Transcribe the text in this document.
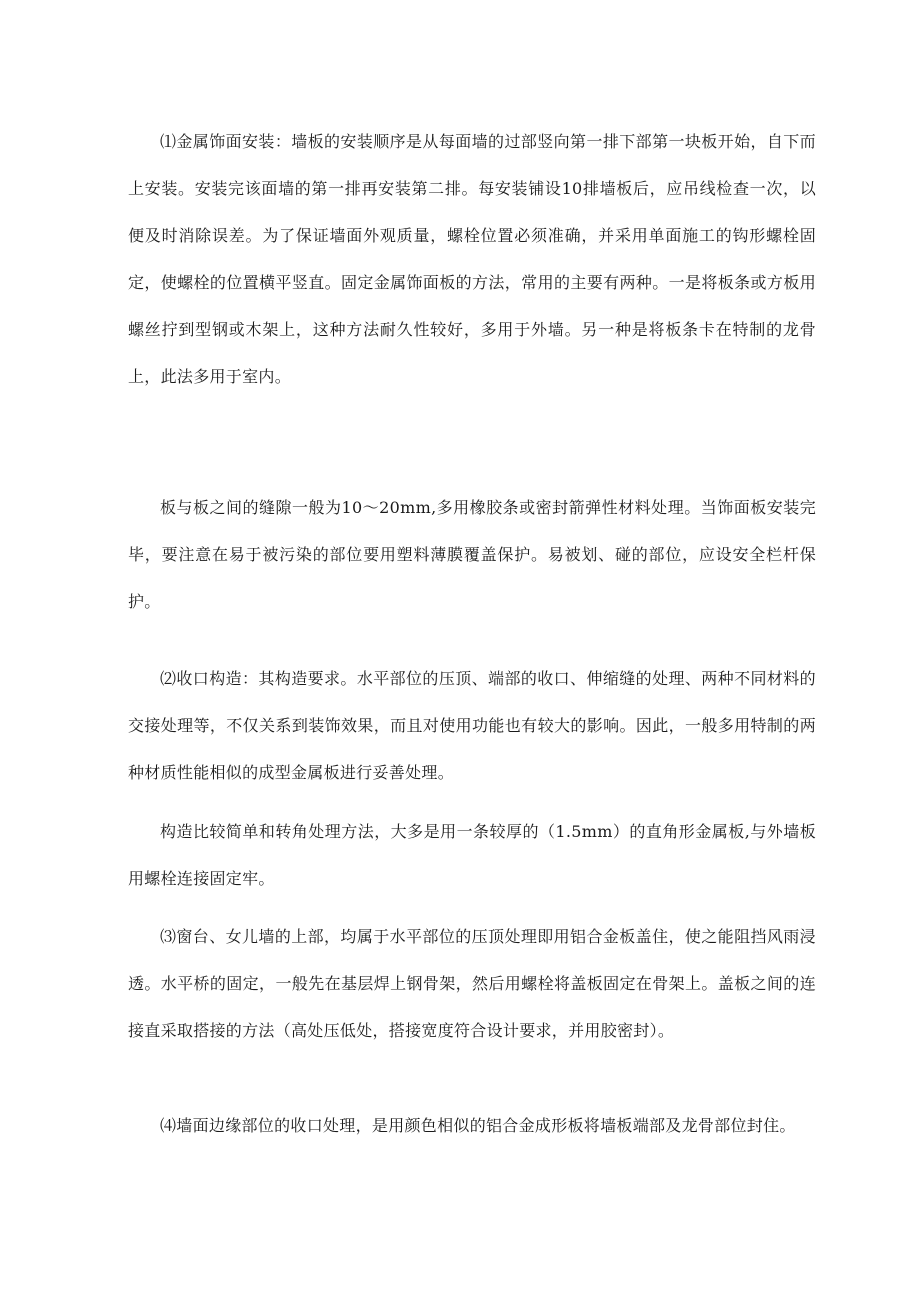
⑴金属饰面安装：墙板的安装顺序是从每面墙的过部竖向第一排下部第一块板开始，自下而上安装。安装完该面墙的第一排再安装第二排。每安装铺设10排墙板后，应吊线检查一次，以便及时消除误差。为了保证墙面外观质量，螺栓位置必须准确，并采用单面施工的钩形螺栓固定，使螺栓的位置横平竖直。固定金属饰面板的方法，常用的主要有两种。一是将板条或方板用螺丝拧到型钢或木架上，这种方法耐久性较好，多用于外墙。另一种是将板条卡在特制的龙骨上，此法多用于室内。

板与板之间的缝隙一般为10～20mm,多用橡胶条或密封箭弹性材料处理。当饰面板安装完毕，要注意在易于被污染的部位要用塑料薄膜覆盖保护。易被划、碰的部位，应设安全栏杆保护。

⑵收口构造：其构造要求。水平部位的压顶、端部的收口、伸缩缝的处理、两种不同材料的交接处理等，不仅关系到装饰效果，而且对使用功能也有较大的影响。因此，一般多用特制的两种材质性能相似的成型金属板进行妥善处理。

构造比较简单和转角处理方法，大多是用一条较厚的（1.5mm）的直角形金属板,与外墙板用螺栓连接固定牢。

⑶窗台、女儿墙的上部，均属于水平部位的压顶处理即用铝合金板盖住，使之能阻挡风雨浸透。水平桥的固定，一般先在基层焊上钢骨架，然后用螺栓将盖板固定在骨架上。盖板之间的连接直采取搭接的方法（高处压低处，搭接宽度符合设计要求，并用胶密封）。

⑷墙面边缘部位的收口处理，是用颜色相似的铝合金成形板将墙板端部及龙骨部位封住。
